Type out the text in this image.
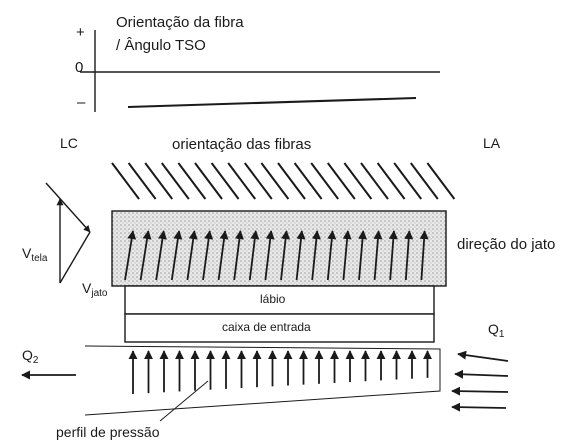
Orientação da fibra
/ Ângulo TSO
+
0
–
LC	LA
orientação das fibras
direção do jato
lábio
caixa de entrada
$V_{tela}$
$V_{jato}$
$Q_1$
$Q_2$
perfil de pressão
